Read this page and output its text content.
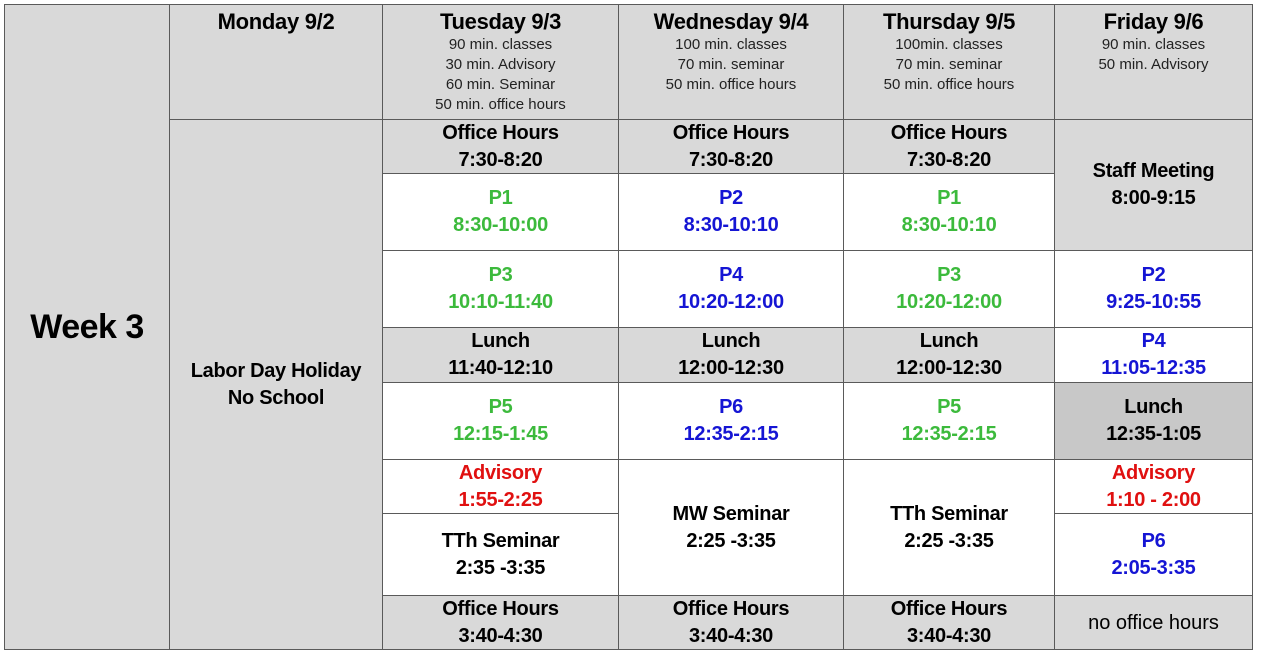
Week 3
Monday 9/2	Tuesday 9/3
90 min. classes
30 min. Advisory
60 min. Seminar
50 min. office hours
Wednesday 9/4
100 min. classes
70 min. seminar
50 min. office hours
Thursday 9/5
100min. classes
70 min. seminar
50 min. office hours
Friday 9/6
90 min. classes
50 min. Advisory
Labor Day Holiday
No School
Office Hours
7:30-8:20
P1
8:30-10:00
P3
10:10-11:40
Lunch
11:40-12:10
P5
12:15-1:45
Advisory
1:55-2:25
TTh Seminar
2:35 -3:35
Office Hours
3:40-4:30
Office Hours
7:30-8:20
P2
8:30-10:10
P4
10:20-12:00
Lunch
12:00-12:30
P6
12:35-2:15
MW Seminar
2:25 -3:35
Office Hours
3:40-4:30
Office Hours
7:30-8:20
P1
8:30-10:10
P3
10:20-12:00
Lunch
12:00-12:30
P5
12:35-2:15
TTh Seminar
2:25 -3:35
Office Hours
3:40-4:30
Staff Meeting
8:00-9:15
P2
9:25-10:55
P4
11:05-12:35
Lunch
12:35-1:05
Advisory
1:10 - 2:00
P6
2:05-3:35
no office hours
